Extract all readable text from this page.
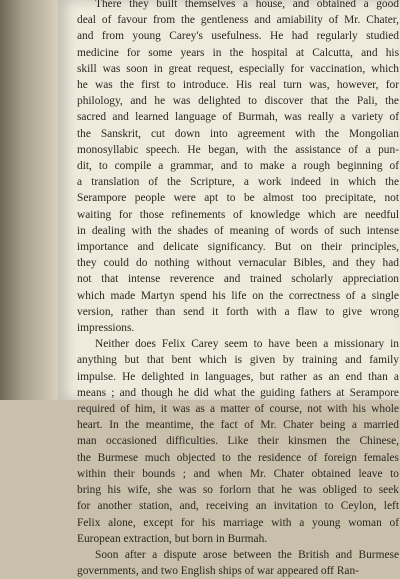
There they built themselves a house, and obtained a good
deal of favour from the gentleness and amiability of Mr. Chater,
and from young Carey's usefulness. He had regularly studied
medicine for some years in the hospital at Calcutta, and his
skill was soon in great request, especially for vaccination, which
he was the first to introduce. His real turn was, however, for
philology, and he was delighted to discover that the Pali, the
sacred and learned language of Burmah, was really a variety of
the Sanskrit, cut down into agreement with the Mongolian
monosyllabic speech. He began, with the assistance of a pun-
dit, to compile a grammar, and to make a rough beginning of
a translation of the Scripture, a work indeed in which the
Serampore people were apt to be almost too precipitate, not
waiting for those refinements of knowledge which are needful
in dealing with the shades of meaning of words of such intense
importance and delicate significancy. But on their principles,
they could do nothing without vernacular Bibles, and they had
not that intense reverence and trained scholarly appreciation
which made Martyn spend his life on the correctness of a single
version, rather than send it forth with a flaw to give wrong
impressions.
Neither does Felix Carey seem to have been a missionary in
anything but that bent which is given by training and family
impulse. He delighted in languages, but rather as an end than a
means ; and though he did what the guiding fathers at Serampore
required of him, it was as a matter of course, not with his whole
heart. In the meantime, the fact of Mr. Chater being a married
man occasioned difficulties. Like their kinsmen the Chinese,
the Burmese much objected to the residence of foreign females
within their bounds ; and when Mr. Chater obtained leave to
bring his wife, she was so forlorn that he was obliged to seek
for another station, and, receiving an invitation to Ceylon, left
Felix alone, except for his marriage with a young woman of
European extraction, but born in Burmah.
Soon after a dispute arose between the British and Burmese
governments, and two English ships of war appeared off Ran-
